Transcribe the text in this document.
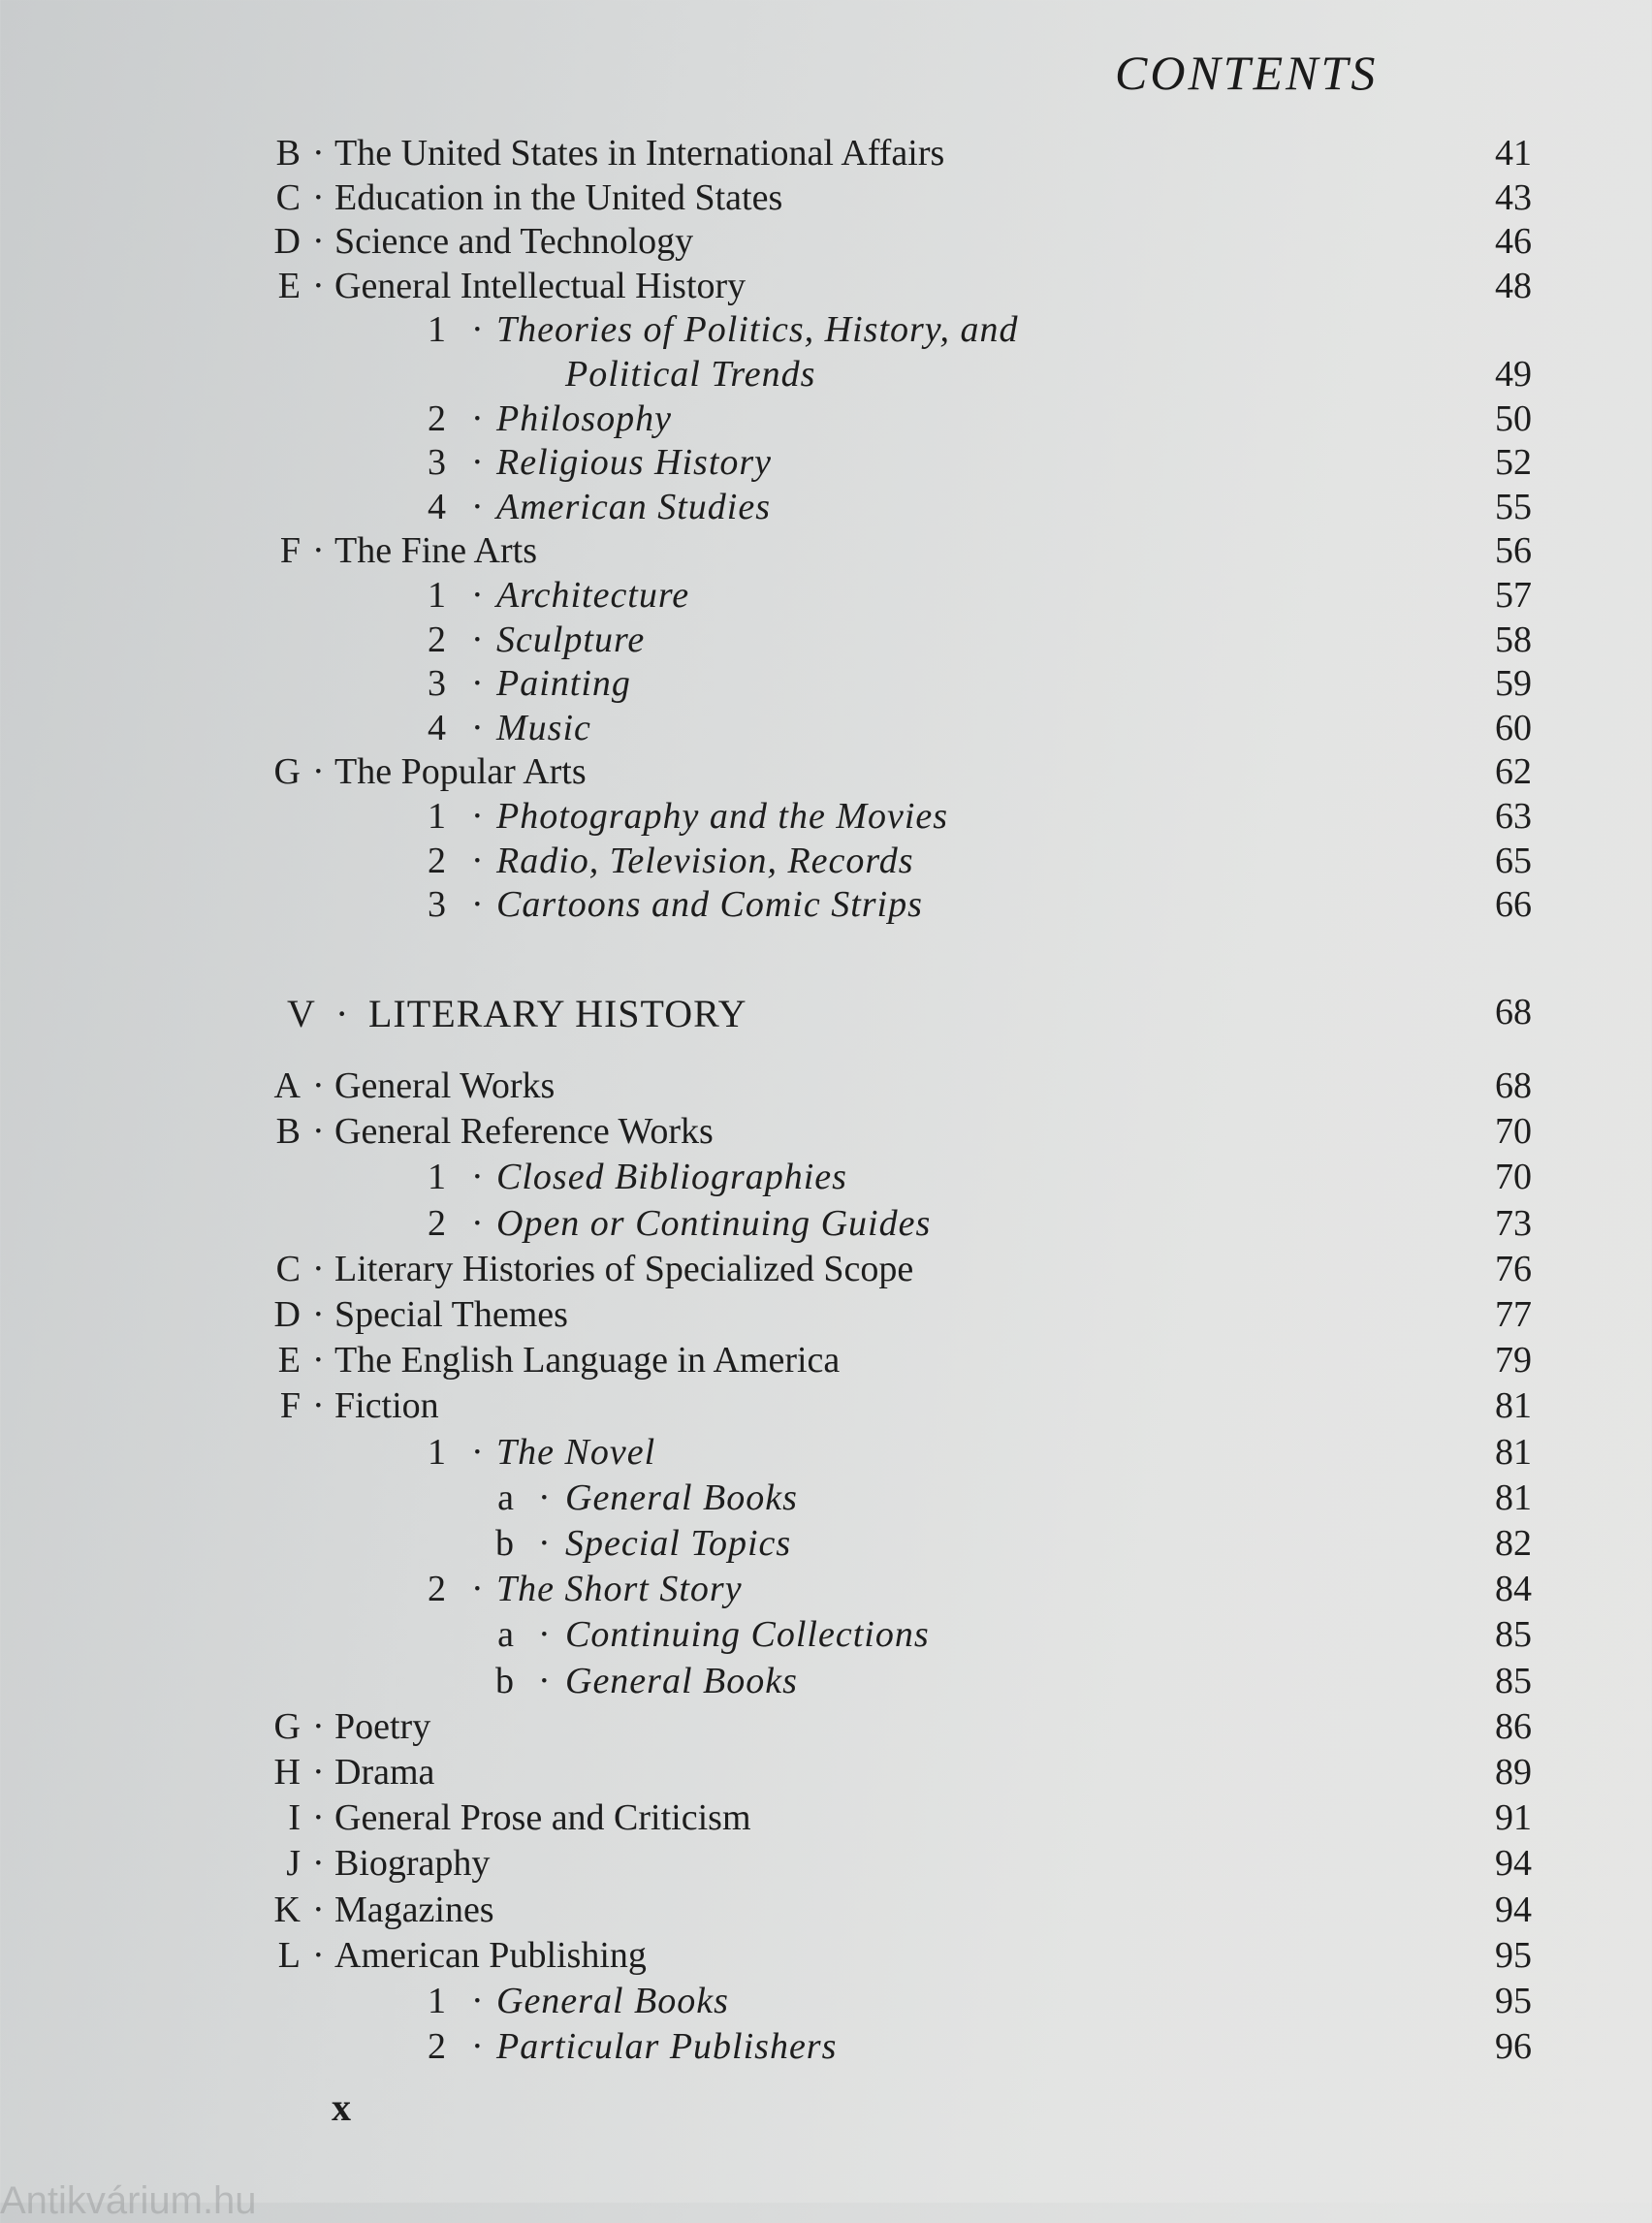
CONTENTS
B · The United States in International Affairs	41
C · Education in the United States	43
D · Science and Technology	46
E · General Intellectual History	48
1 · Theories of Politics, History, and
Political Trends	49
2 · Philosophy	50
3 · Religious History	52
4 · American Studies	55
F · The Fine Arts	56
1 · Architecture	57
2 · Sculpture	58
3 · Painting	59
4 · Music	60
G · The Popular Arts	62
1 · Photography and the Movies	63
2 · Radio, Television, Records	65
3 · Cartoons and Comic Strips	66
V · LITERARY HISTORY	68
A · General Works	68
B · General Reference Works	70
1 · Closed Bibliographies	70
2 · Open or Continuing Guides	73
C · Literary Histories of Specialized Scope	76
D · Special Themes	77
E · The English Language in America	79
F · Fiction	81
1 · The Novel	81
a · General Books	81
b · Special Topics	82
2 · The Short Story	84
a · Continuing Collections	85
b · General Books	85
G · Poetry	86
H · Drama	89
I · General Prose and Criticism	91
J · Biography	94
K · Magazines	94
L · American Publishing	95
1 · General Books	95
2 · Particular Publishers	96
x
Antikvárium.hu
